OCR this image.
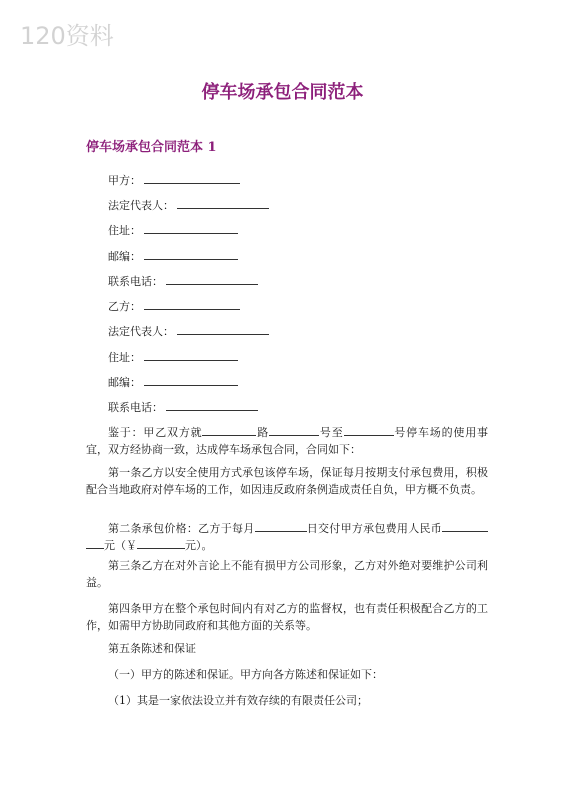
120资料
停车场承包合同范本
停车场承包合同范本 1
甲方：
法定代表人：
住址：
邮编：
联系电话：
乙方：
法定代表人：
住址：
邮编：
联系电话：
鉴于：甲乙双方就	路	号至	号停车场的使用事宜，双方经协商一致，达成停车场承包合同，合同如下：
第一条乙方以安全使用方式承包该停车场，保证每月按期支付承包费用，积极配合当地政府对停车场的工作，如因违反政府条例造成责任自负，甲方概不负责。
第二条承包价格：乙方于每月	日交付甲方承包费用人民币元（￥	元）。
第三条乙方在对外言论上不能有损甲方公司形象，乙方对外绝对要维护公司利益。
第四条甲方在整个承包时间内有对乙方的监督权，也有责任积极配合乙方的工作，如需甲方协助同政府和其他方面的关系等。
第五条陈述和保证
（一）甲方的陈述和保证。甲方向各方陈述和保证如下：
（1）其是一家依法设立并有效存续的有限责任公司；
